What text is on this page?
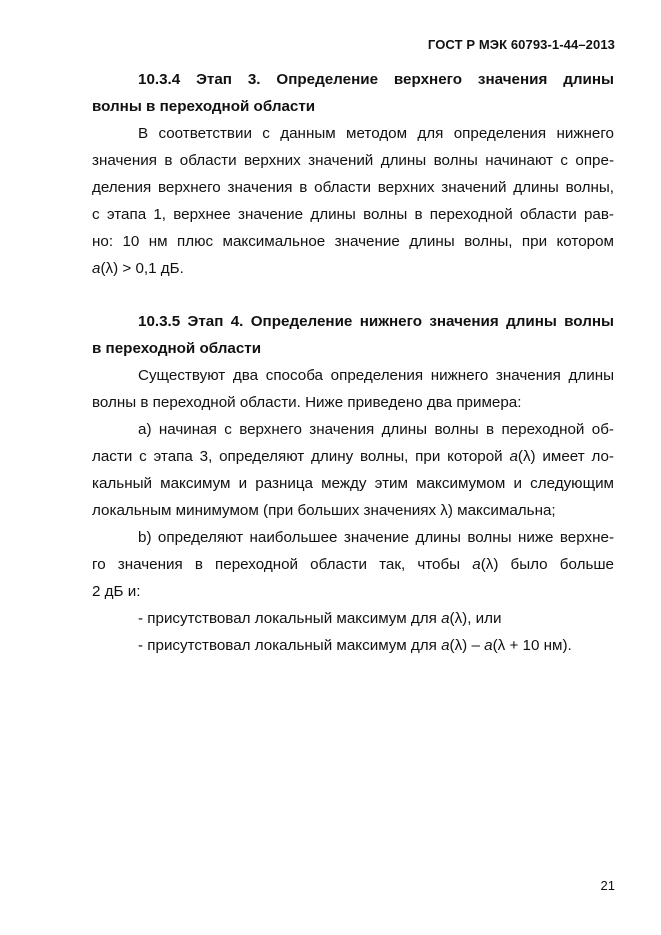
ГОСТ Р МЭК 60793-1-44–2013
10.3.4 Этап 3. Определение верхнего значения длины
волны в переходной области
В соответствии с данным методом для определения нижнего
значения в области верхних значений длины волны начинают с опре-
деления верхнего значения в области верхних значений длины волны,
с этапа 1, верхнее значение длины волны в переходной области рав-
но: 10 нм плюс максимальное значение длины волны, при котором
a(λ) > 0,1 дБ.
10.3.5 Этап 4. Определение нижнего значения длины волны
в переходной области
Существуют два способа определения нижнего значения длины
волны в переходной области. Ниже приведено два примера:
a) начиная с верхнего значения длины волны в переходной об-
ласти с этапа 3, определяют длину волны, при которой a(λ) имеет ло-
кальный максимум и разница между этим максимумом и следующим
локальным минимумом (при больших значениях λ) максимальна;
b) определяют наибольшее значение длины волны ниже верхне-
го значения в переходной области так, чтобы a(λ) было больше
2 дБ и:
- присутствовал локальный максимум для a(λ), или
- присутствовал локальный максимум для a(λ) – a(λ + 10 нм).
21
